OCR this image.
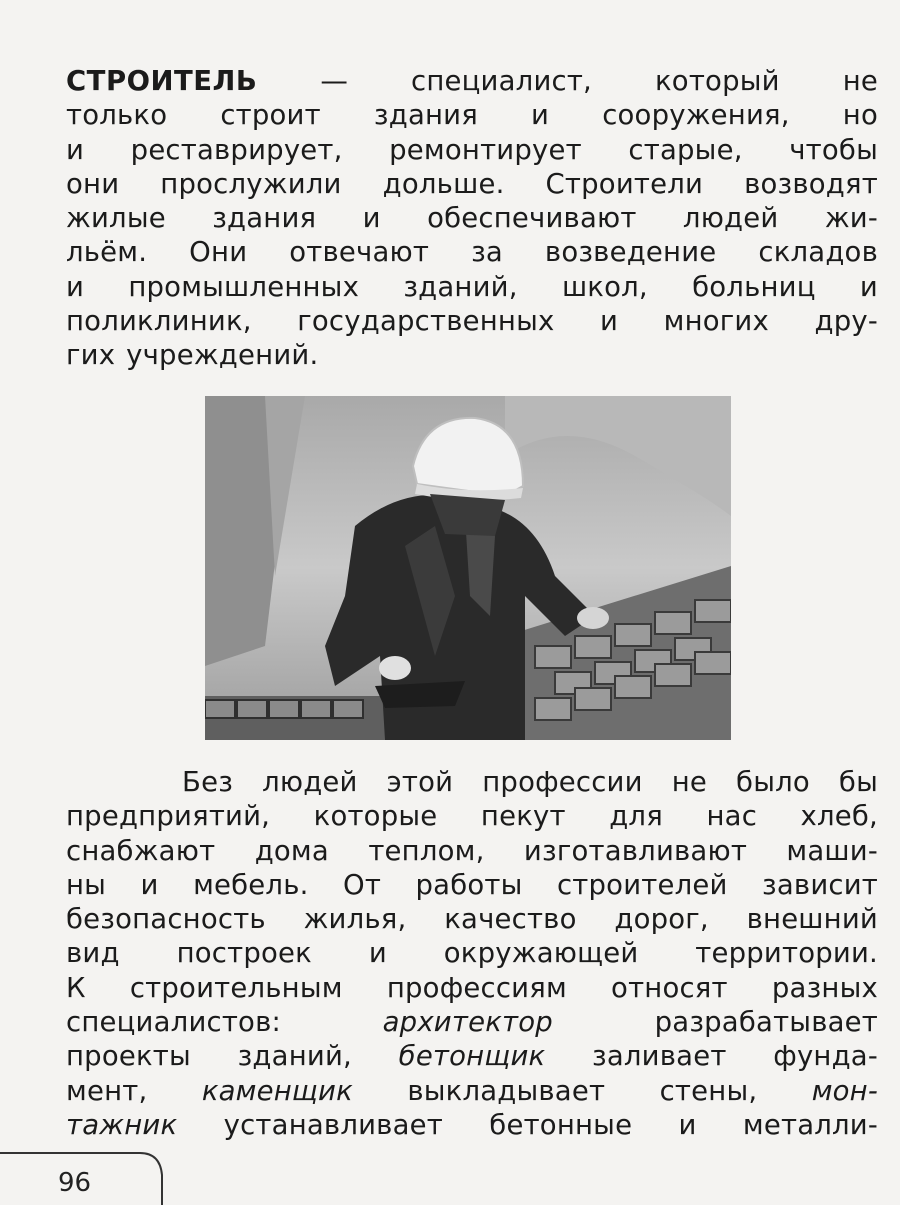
СТРОИТЕЛЬ — специалист, который не
только строит здания и сооружения, но
и реставрирует, ремонтирует старые, чтобы
они прослужили дольше. Строители возводят
жилые здания и обеспечивают людей жи-
льём. Они отвечают за возведение складов
и промышленных зданий, школ, больниц и
поликлиник, государственных и многих дру-
гих учреждений.
Без людей этой профессии не было бы
предприятий, которые пекут для нас хлеб,
снабжают дома теплом, изготавливают маши-
ны и мебель. От работы строителей зависит
безопасность жилья, качество дорог, внешний
вид построек и окружающей территории.
К строительным профессиям относят разных
специалистов: архитектор разрабатывает
проекты зданий, бетонщик заливает фунда-
мент, каменщик выкладывает стены, мон-
тажник устанавливает бетонные и металли-
96
